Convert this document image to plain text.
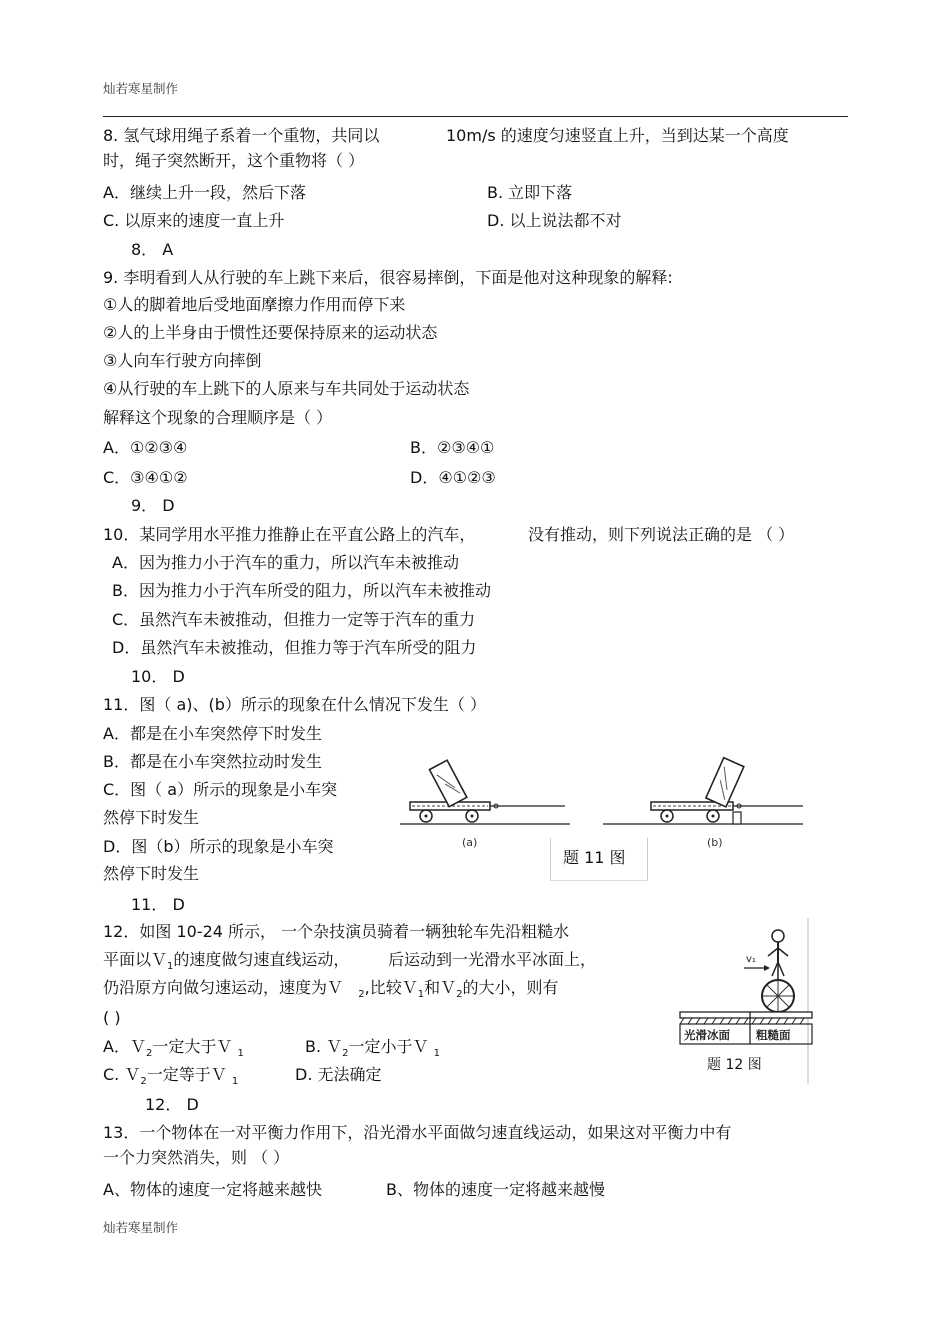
灿若寒星制作
8. 氢气球用绳子系着一个重物，共同以	10m/s 的速度匀速竖直上升，当到达某一个高度
时，绳子突然断开，这个重物将（ ）
A．继续上升一段，然后下落	B. 立即下落
C. 以原来的速度一直上升	D. 以上说法都不对
8． A
9. 李明看到人从行驶的车上跳下来后，很容易摔倒，下面是他对这种现象的解释:
①人的脚着地后受地面摩擦力作用而停下来
②人的上半身由于惯性还要保持原来的运动状态
③人向车行驶方向摔倒
④从行驶的车上跳下的人原来与车共同处于运动状态
解释这个现象的合理顺序是（ ）
A．①②③④	B．②③④①
C．③④①②	D．④①②③
9． D
10．某同学用水平推力推静止在平直公路上的汽车，	没有推动，则下列说法正确的是 （ ）
A．因为推力小于汽车的重力，所以汽车未被推动
B．因为推力小于汽车所受的阻力，所以汽车未被推动
C．虽然汽车未被推动，但推力一定等于汽车的重力
D．虽然汽车未被推动，但推力等于汽车所受的阻力
10． D
11．图（ a)、(b）所示的现象在什么情况下发生（ ）
A．都是在小车突然停下时发生
B．都是在小车突然拉动时发生
C．图（ a）所示的现象是小车突
然停下时发生
D．图（b）所示的现象是小车突
然停下时发生
(a)	(b)
题 11 图
11． D
12．如图 10-24 所示， 一个杂技演员骑着一辆独轮车先沿粗糙水
平面以Ｖ$_1$的速度做匀速直线运动， 后运动到一光滑水平冰面上，
仍沿原方向做匀速运动，速度为Ｖ $_2$,比较Ｖ$_1$和Ｖ$_2$的大小，则有
( )
A．Ｖ$_2$一定大于Ｖ $_1$	B. Ｖ$_2$一定小于Ｖ $_1$
C. Ｖ$_2$一定等于Ｖ $_1$	D. 无法确定
v₁
光滑冰面 粗糙面
题 12 图
12． D
13．一个物体在一对平衡力作用下，沿光滑水平面做匀速直线运动，如果这对平衡力中有
一个力突然消失，则 （ ）
A、物体的速度一定将越来越快	B、物体的速度一定将越来越慢
灿若寒星制作
